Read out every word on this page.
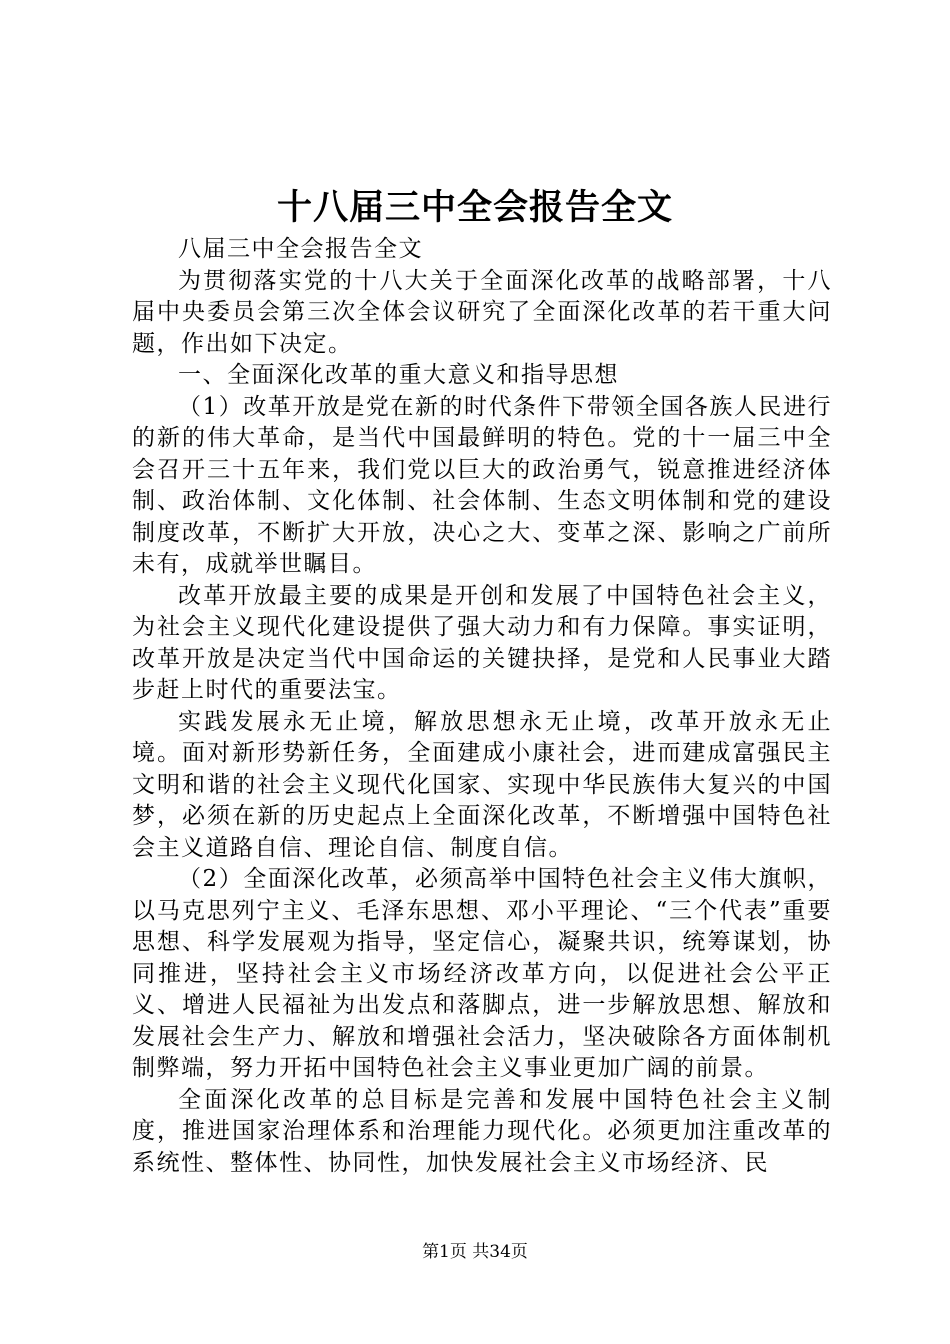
十八届三中全会报告全文

八届三中全会报告全文

为贯彻落实党的十八大关于全面深化改革的战略部署，十八届中央委员会第三次全体会议研究了全面深化改革的若干重大问题，作出如下决定。

一、全面深化改革的重大意义和指导思想

（1）改革开放是党在新的时代条件下带领全国各族人民进行的新的伟大革命，是当代中国最鲜明的特色。党的十一届三中全会召开三十五年来，我们党以巨大的政治勇气，锐意推进经济体制、政治体制、文化体制、社会体制、生态文明体制和党的建设制度改革，不断扩大开放，决心之大、变革之深、影响之广前所未有，成就举世瞩目。

改革开放最主要的成果是开创和发展了中国特色社会主义，为社会主义现代化建设提供了强大动力和有力保障。事实证明，改革开放是决定当代中国命运的关键抉择，是党和人民事业大踏步赶上时代的重要法宝。

实践发展永无止境，解放思想永无止境，改革开放永无止境。面对新形势新任务，全面建成小康社会，进而建成富强民主文明和谐的社会主义现代化国家、实现中华民族伟大复兴的中国梦，必须在新的历史起点上全面深化改革，不断增强中国特色社会主义道路自信、理论自信、制度自信。

（2）全面深化改革，必须高举中国特色社会主义伟大旗帜，以马克思列宁主义、毛泽东思想、邓小平理论、“三个代表”重要思想、科学发展观为指导，坚定信心，凝聚共识，统筹谋划，协同推进，坚持社会主义市场经济改革方向，以促进社会公平正义、增进人民福祉为出发点和落脚点，进一步解放思想、解放和发展社会生产力、解放和增强社会活力，坚决破除各方面体制机制弊端，努力开拓中国特色社会主义事业更加广阔的前景。

全面深化改革的总目标是完善和发展中国特色社会主义制度，推进国家治理体系和治理能力现代化。必须更加注重改革的系统性、整体性、协同性，加快发展社会主义市场经济、民

第1页 共34页
